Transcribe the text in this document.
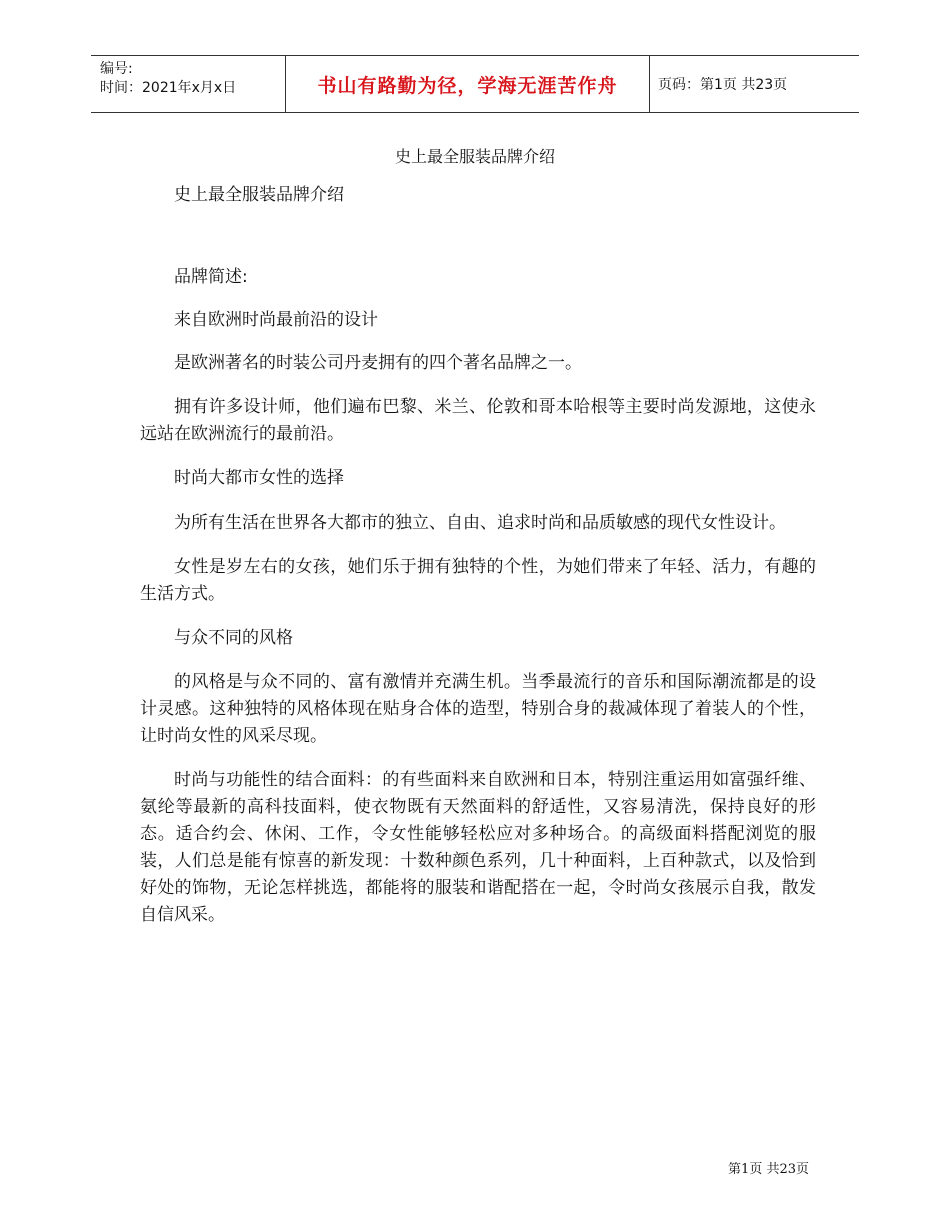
编号:
时间：2021年x月x日	书山有路勤为径，学海无涯苦作舟	页码：第1页 共23页
史上最全服装品牌介绍

史上最全服装品牌介绍

品牌简述:

来自欧洲时尚最前沿的设计

是欧洲著名的时装公司丹麦拥有的四个著名品牌之一。

拥有许多设计师，他们遍布巴黎、米兰、伦敦和哥本哈根等主要时尚发源地，这使永远站在欧洲流行的最前沿。

时尚大都市女性的选择

为所有生活在世界各大都市的独立、自由、追求时尚和品质敏感的现代女性设计。

女性是岁左右的女孩，她们乐于拥有独特的个性，为她们带来了年轻、活力，有趣的生活方式。

与众不同的风格

的风格是与众不同的、富有激情并充满生机。当季最流行的音乐和国际潮流都是的设计灵感。这种独特的风格体现在贴身合体的造型，特别合身的裁减体现了着装人的个性，让时尚女性的风采尽现。

时尚与功能性的结合面料：的有些面料来自欧洲和日本，特别注重运用如富强纤维、氨纶等最新的高科技面料，使衣物既有天然面料的舒适性，又容易清洗，保持良好的形态。适合约会、休闲、工作，令女性能够轻松应对多种场合。的高级面料搭配浏览的服装，人们总是能有惊喜的新发现：十数种颜色系列，几十种面料，上百种款式，以及恰到好处的饰物，无论怎样挑选，都能将的服装和谐配搭在一起，令时尚女孩展示自我，散发自信风采。

第1页 共23页
